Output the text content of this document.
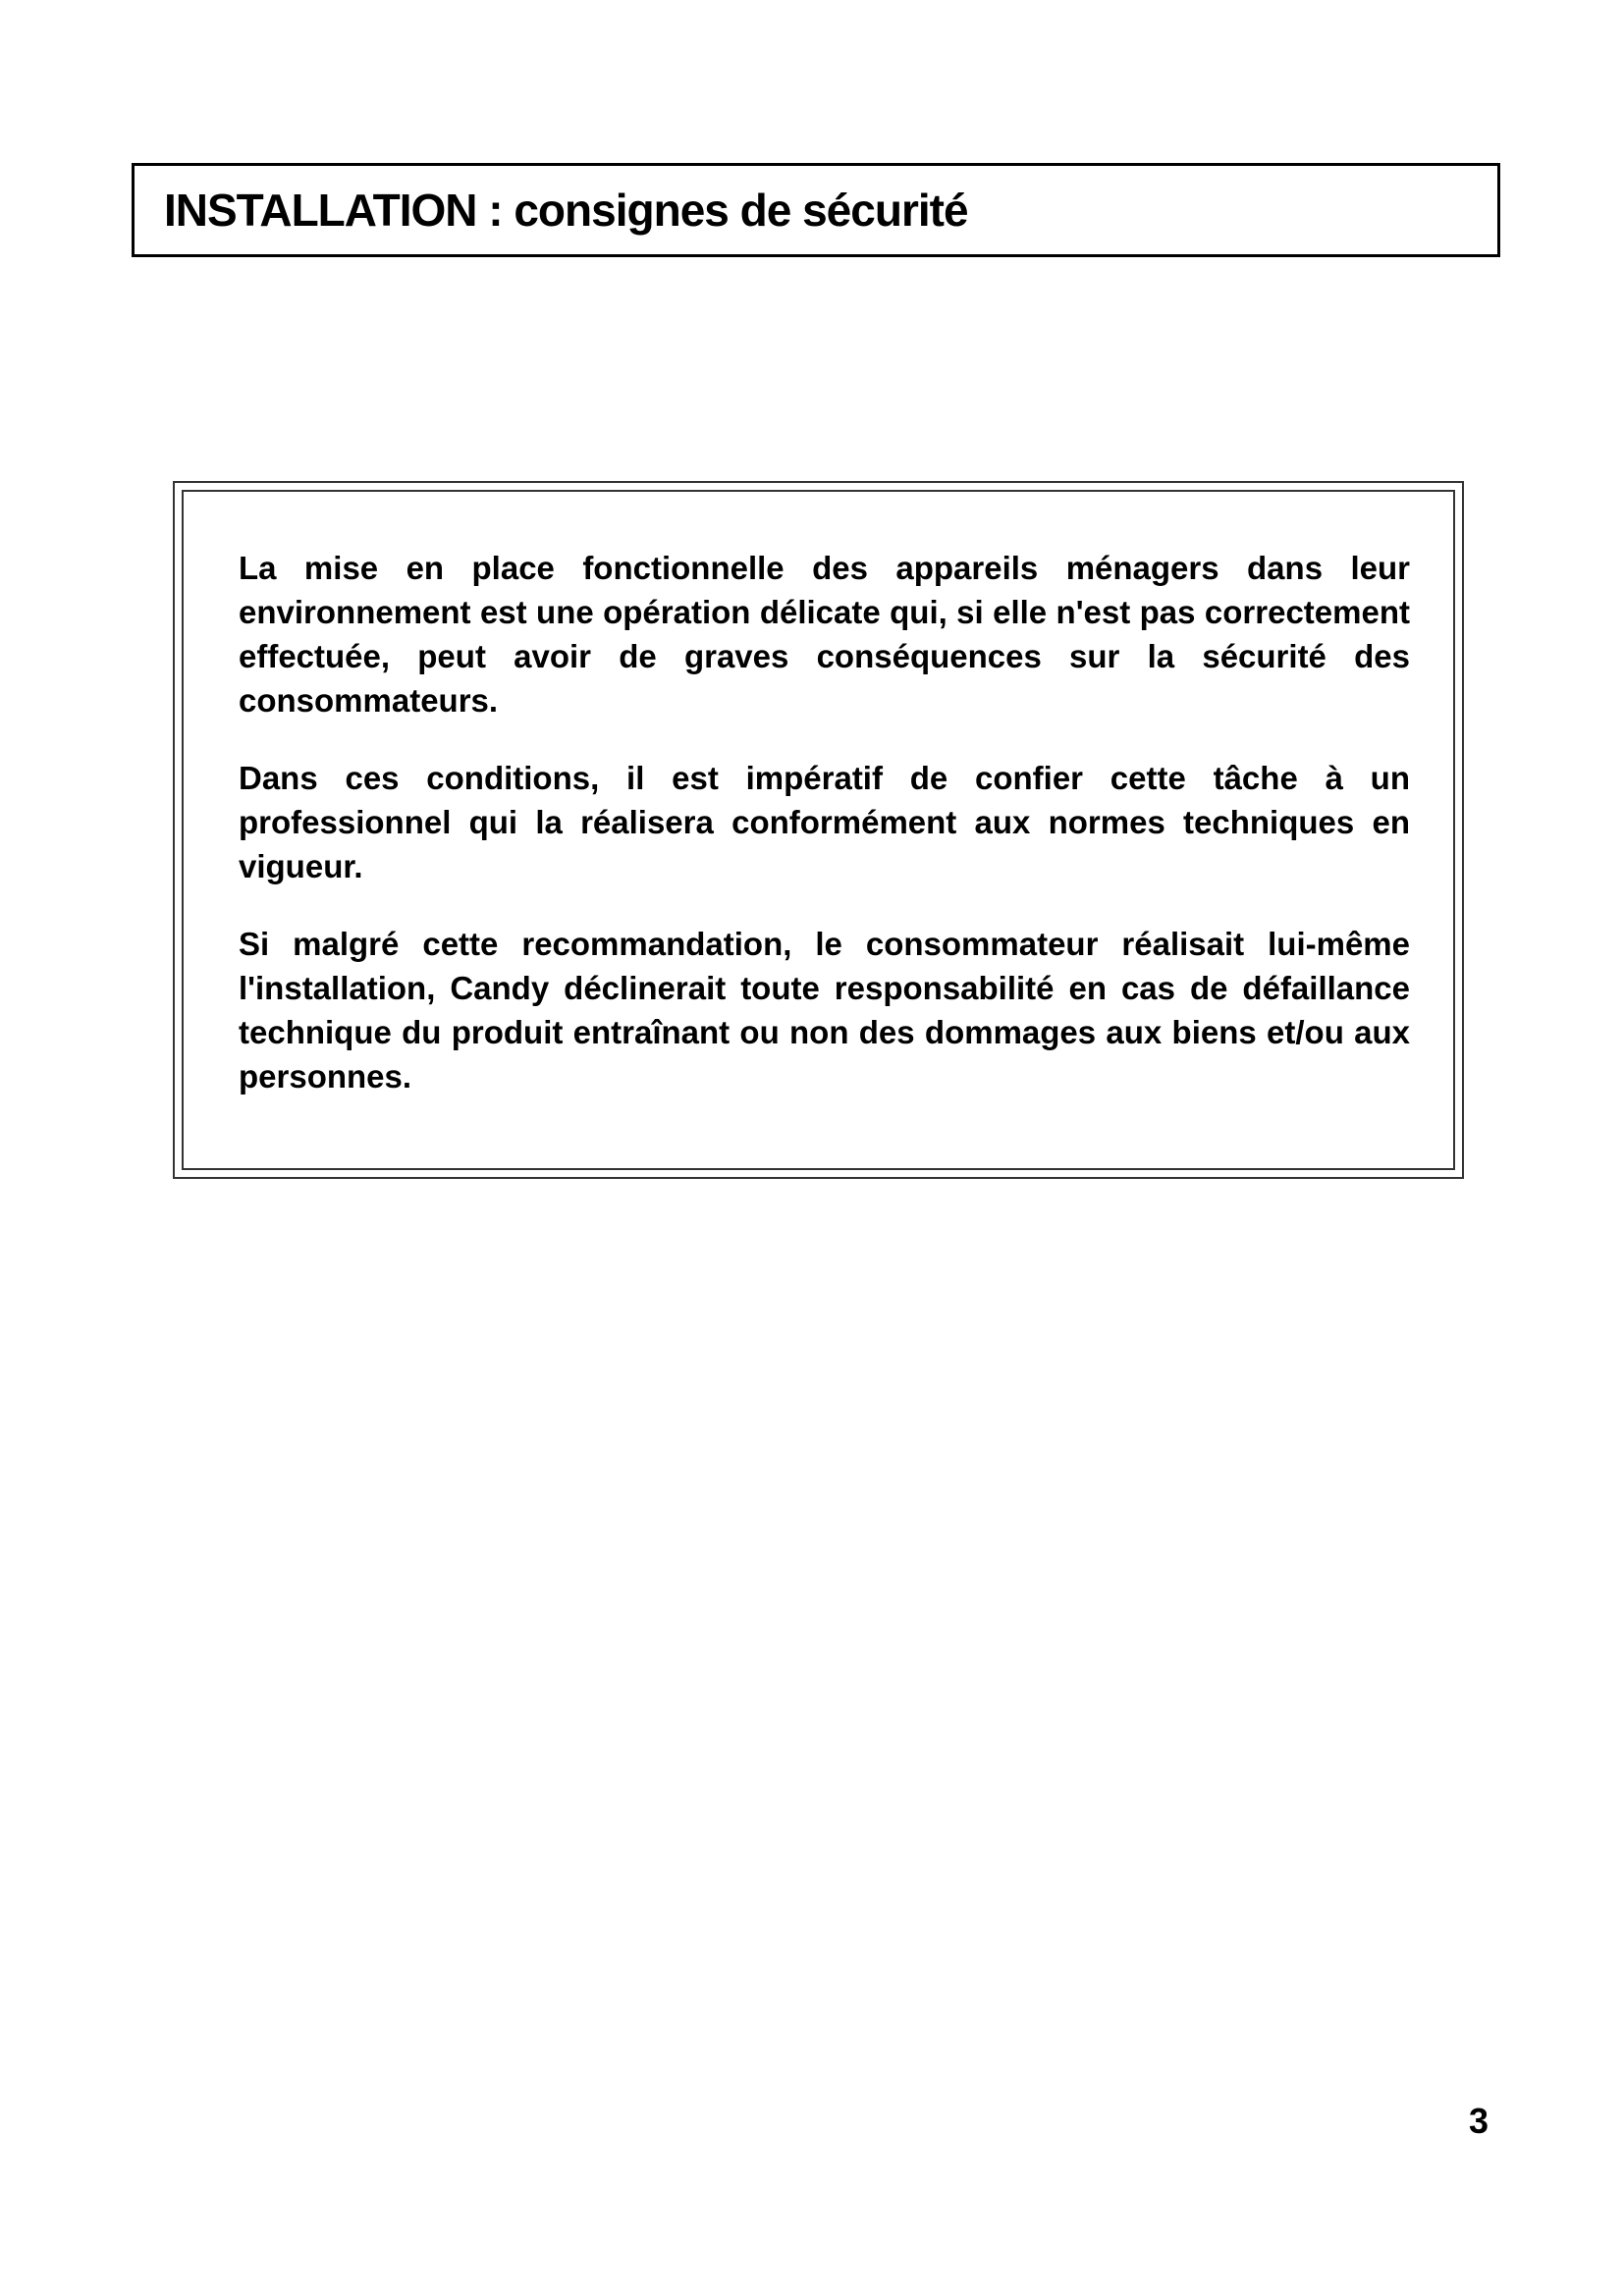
INSTALLATION : consignes de sécurité

La mise en place fonctionnelle des appareils ménagers dans leur environnement est une opération délicate qui, si elle n'est pas correctement effectuée, peut avoir de graves conséquences sur la sécurité des consommateurs.

Dans ces conditions, il est impératif de confier cette tâche à un professionnel qui la réalisera conformément aux normes techniques en vigueur.

Si malgré cette recommandation, le consommateur réalisait lui-même l'installation, Candy déclinerait toute responsabilité en cas de défaillance technique du produit entraînant ou non des dommages aux biens et/ou aux personnes.

3
